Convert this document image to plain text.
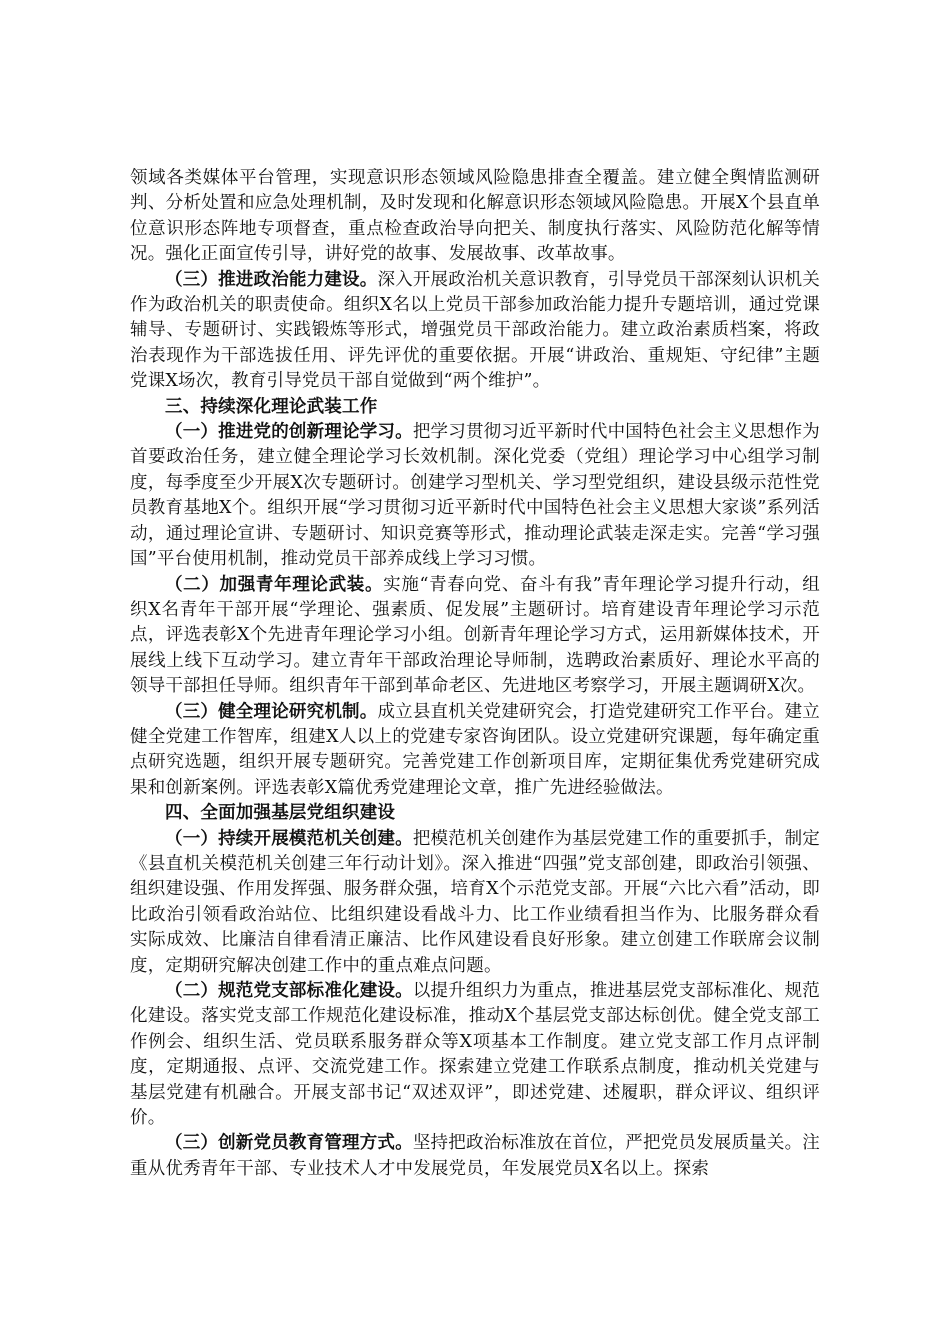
领域各类媒体平台管理，实现意识形态领域风险隐患排查全覆盖。建立健全舆情监测研判、分析处置和应急处理机制，及时发现和化解意识形态领域风险隐患。开展X个县直单位意识形态阵地专项督查，重点检查政治导向把关、制度执行落实、风险防范化解等情况。强化正面宣传引导，讲好党的故事、发展故事、改革故事。

（三）推进政治能力建设。深入开展政治机关意识教育，引导党员干部深刻认识机关作为政治机关的职责使命。组织X名以上党员干部参加政治能力提升专题培训，通过党课辅导、专题研讨、实践锻炼等形式，增强党员干部政治能力。建立政治素质档案，将政治表现作为干部选拔任用、评先评优的重要依据。开展“讲政治、重规矩、守纪律”主题党课X场次，教育引导党员干部自觉做到“两个维护”。

三、持续深化理论武装工作

（一）推进党的创新理论学习。把学习贯彻习近平新时代中国特色社会主义思想作为首要政治任务，建立健全理论学习长效机制。深化党委（党组）理论学习中心组学习制度，每季度至少开展X次专题研讨。创建学习型机关、学习型党组织，建设县级示范性党员教育基地X个。组织开展“学习贯彻习近平新时代中国特色社会主义思想大家谈”系列活动，通过理论宣讲、专题研讨、知识竞赛等形式，推动理论武装走深走实。完善“学习强国”平台使用机制，推动党员干部养成线上学习习惯。

（二）加强青年理论武装。实施“青春向党、奋斗有我”青年理论学习提升行动，组织X名青年干部开展“学理论、强素质、促发展”主题研讨。培育建设青年理论学习示范点，评选表彰X个先进青年理论学习小组。创新青年理论学习方式，运用新媒体技术，开展线上线下互动学习。建立青年干部政治理论导师制，选聘政治素质好、理论水平高的领导干部担任导师。组织青年干部到革命老区、先进地区考察学习，开展主题调研X次。

（三）健全理论研究机制。成立县直机关党建研究会，打造党建研究工作平台。建立健全党建工作智库，组建X人以上的党建专家咨询团队。设立党建研究课题，每年确定重点研究选题，组织开展专题研究。完善党建工作创新项目库，定期征集优秀党建研究成果和创新案例。评选表彰X篇优秀党建理论文章，推广先进经验做法。

四、全面加强基层党组织建设

（一）持续开展模范机关创建。把模范机关创建作为基层党建工作的重要抓手，制定《县直机关模范机关创建三年行动计划》。深入推进“四强”党支部创建，即政治引领强、组织建设强、作用发挥强、服务群众强，培育X个示范党支部。开展“六比六看”活动，即比政治引领看政治站位、比组织建设看战斗力、比工作业绩看担当作为、比服务群众看实际成效、比廉洁自律看清正廉洁、比作风建设看良好形象。建立创建工作联席会议制度，定期研究解决创建工作中的重点难点问题。

（二）规范党支部标准化建设。以提升组织力为重点，推进基层党支部标准化、规范化建设。落实党支部工作规范化建设标准，推动X个基层党支部达标创优。健全党支部工作例会、组织生活、党员联系服务群众等X项基本工作制度。建立党支部工作月点评制度，定期通报、点评、交流党建工作。探索建立党建工作联系点制度，推动机关党建与基层党建有机融合。开展支部书记“双述双评”，即述党建、述履职，群众评议、组织评价。

（三）创新党员教育管理方式。坚持把政治标准放在首位，严把党员发展质量关。注重从优秀青年干部、专业技术人才中发展党员，年发展党员X名以上。探索
